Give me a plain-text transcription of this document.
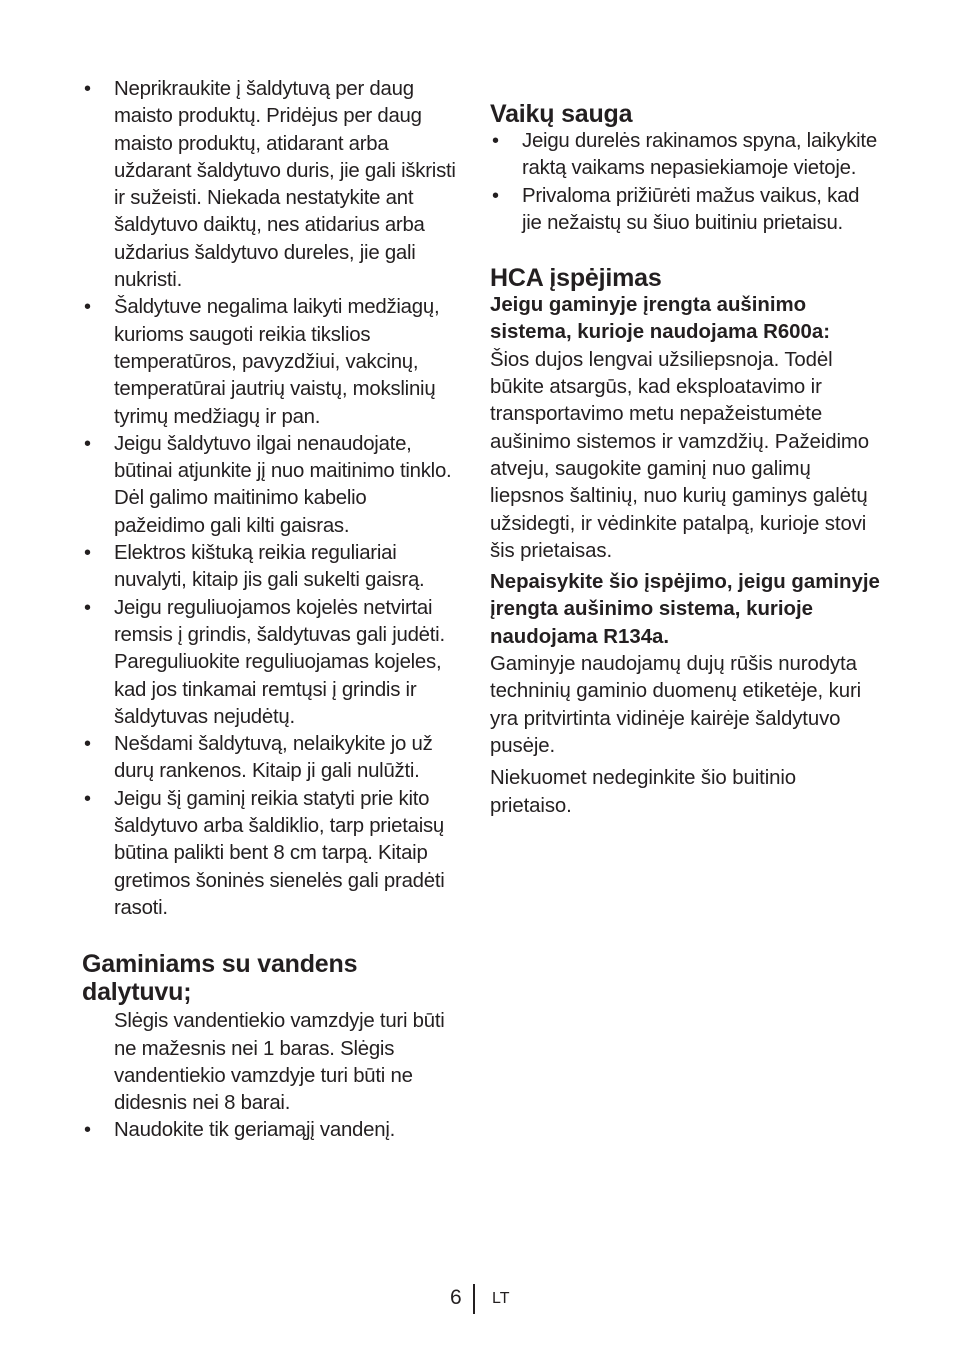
• Neprikraukite į šaldytuvą per daug maisto produktų. Pridėjus per daug maisto produktų, atidarant arba uždarant šaldytuvo duris, jie gali iškristi ir sužeisti. Niekada nestatykite ant šaldytuvo daiktų, nes atidarius arba uždarius šaldytuvo dureles, jie gali nukristi.
• Šaldytuve negalima laikyti medžiagų, kurioms saugoti reikia tikslios temperatūros, pavyzdžiui, vakcinų, temperatūrai jautrių vaistų, mokslinių tyrimų medžiagų ir pan.
• Jeigu šaldytuvo ilgai nenaudojate, būtinai atjunkite jį nuo maitinimo tinklo. Dėl galimo maitinimo kabelio pažeidimo gali kilti gaisras.
• Elektros kištuką reikia reguliariai nuvalyti, kitaip jis gali sukelti gaisrą.
• Jeigu reguliuojamos kojelės netvirtai remsis į grindis, šaldytuvas gali judėti. Pareguliuokite reguliuojamas kojeles, kad jos tinkamai remtųsi į grindis ir šaldytuvas nejudėtų.
• Nešdami šaldytuvą, nelaikykite jo už durų rankenos. Kitaip ji gali nulūžti.
• Jeigu šį gaminį reikia statyti prie kito šaldytuvo arba šaldiklio, tarp prietaisų būtina palikti bent 8 cm tarpą. Kitaip gretimos šoninės sienelės gali pradėti rasoti.
Gaminiams su vandens dalytuvu;

Slėgis vandentiekio vamzdyje turi būti ne mažesnis nei 1 baras. Slėgis vandentiekio vamzdyje turi būti ne didesnis nei 8 barai.

• Naudokite tik geriamąjį vandenį.
Vaikų sauga
• Jeigu durelės rakinamos spyna, laikykite raktą vaikams nepasiekiamoje vietoje.
• Privaloma prižiūrėti mažus vaikus, kad jie nežaistų su šiuo buitiniu prietaisu.
HCA įspėjimas

Jeigu gaminyje įrengta aušinimo sistema, kurioje naudojama R600a:

Šios dujos lengvai užsiliepsnoja. Todėl būkite atsargūs, kad eksploatavimo ir transportavimo metu nepažeistumėte aušinimo sistemos ir vamzdžių. Pažeidimo atveju, saugokite gaminį nuo galimų liepsnos šaltinių, nuo kurių gaminys galėtų užsidegti, ir vėdinkite patalpą, kurioje stovi šis prietaisas.

Nepaisykite šio įspėjimo, jeigu gaminyje įrengta aušinimo sistema, kurioje naudojama R134a.

Gaminyje naudojamų dujų rūšis nurodyta techninių gaminio duomenų etiketėje, kuri yra pritvirtinta vidinėje kairėje šaldytuvo pusėje.

Niekuomet nedeginkite šio buitinio prietaiso.

6 LT
